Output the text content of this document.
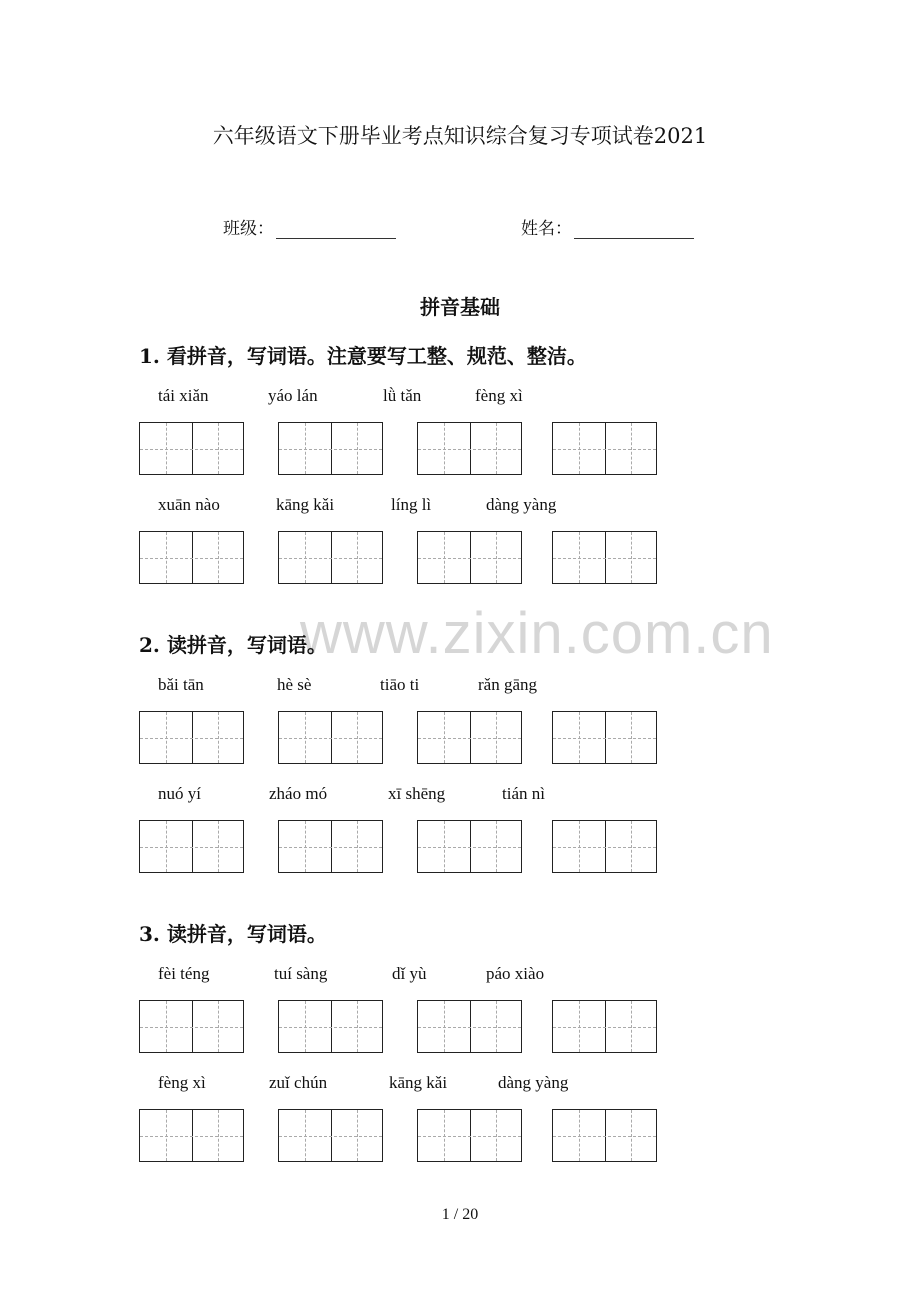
六年级语文下册毕业考点知识综合复习专项试卷2021
班级：	姓名：
拼音基础
www.zixin.com.cn
1. 看拼音，写词语。注意要写工整、规范、整洁。
tái xiǎn	yáo lán	lǜ tǎn	fèng xì
xuān nào	kāng kǎi	líng lì	dàng yàng
2. 读拼音，写词语。
bǎi tān	hè sè	tiāo ti	rǎn gāng
nuó yí	zháo mó	xī shēng	tián nì
3. 读拼音，写词语。
fèi téng	tuí sàng	dǐ yù	páo xiào
fèng xì	zuǐ chún	kāng kǎi	dàng yàng
1 / 20
